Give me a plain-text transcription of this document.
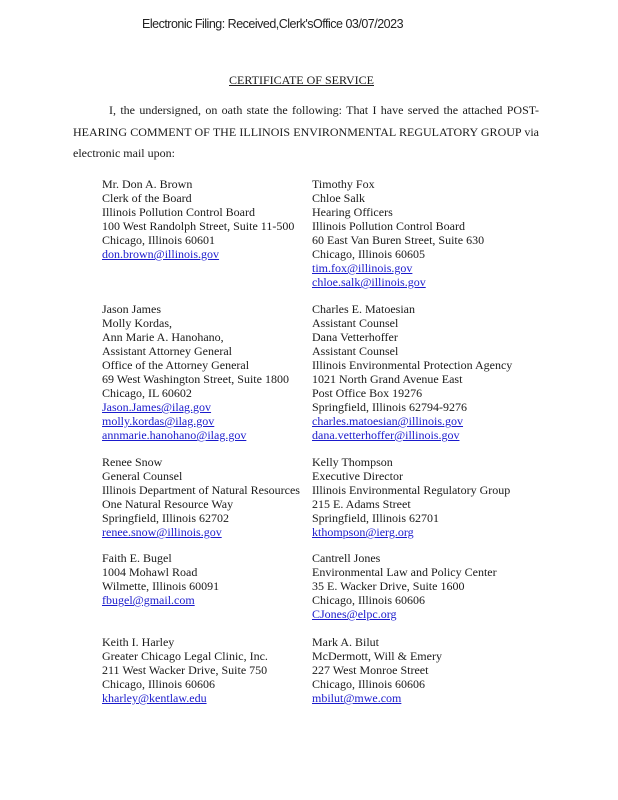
Electronic Filing: Received,Clerk'sOffice 03/07/2023
CERTIFICATE OF SERVICE
I, the undersigned, on oath state the following: That I have served the attached POST-HEARING COMMENT OF THE ILLINOIS ENVIRONMENTAL REGULATORY GROUP via electronic mail upon:
Mr. Don A. Brown
Clerk of the Board
Illinois Pollution Control Board
100 West Randolph Street, Suite 11-500
Chicago, Illinois 60601
don.brown@illinois.gov
Jason James
Molly Kordas,
Ann Marie A. Hanohano,
Assistant Attorney General
Office of the Attorney General
69 West Washington Street, Suite 1800
Chicago, IL 60602
Jason.James@ilag.gov
molly.kordas@ilag.gov
annmarie.hanohano@ilag.gov
Renee Snow
General Counsel
Illinois Department of Natural Resources
One Natural Resource Way
Springfield, Illinois 62702
renee.snow@illinois.gov
Faith E. Bugel
1004 Mohawl Road
Wilmette, Illinois 60091
fbugel@gmail.com
Keith I. Harley
Greater Chicago Legal Clinic, Inc.
211 West Wacker Drive, Suite 750
Chicago, Illinois 60606
kharley@kentlaw.edu
Timothy Fox
Chloe Salk
Hearing Officers
Illinois Pollution Control Board
60 East Van Buren Street, Suite 630
Chicago, Illinois 60605
tim.fox@illinois.gov
chloe.salk@illinois.gov
Charles E. Matoesian
Assistant Counsel
Dana Vetterhoffer
Assistant Counsel
Illinois Environmental Protection Agency
1021 North Grand Avenue East
Post Office Box 19276
Springfield, Illinois 62794-9276
charles.matoesian@illinois.gov
dana.vetterhoffer@illinois.gov
Kelly Thompson
Executive Director
Illinois Environmental Regulatory Group
215 E. Adams Street
Springfield, Illinois 62701
kthompson@ierg.org
Cantrell Jones
Environmental Law and Policy Center
35 E. Wacker Drive, Suite 1600
Chicago, Illinois 60606
CJones@elpc.org
Mark A. Bilut
McDermott, Will & Emery
227 West Monroe Street
Chicago, Illinois 60606
mbilut@mwe.com
